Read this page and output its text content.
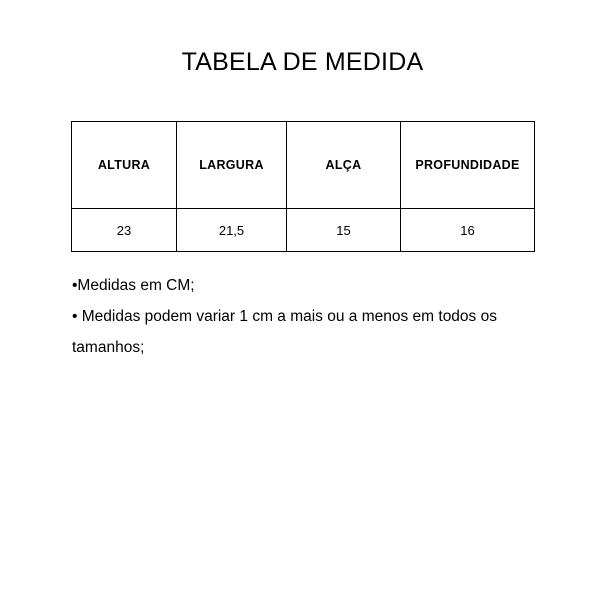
TABELA DE MEDIDA
ALTURA	LARGURA	ALÇA	PROFUNDIDADE
23	21,5	15	16

•Medidas em CM;

• Medidas podem variar 1 cm a mais ou a menos em todos os tamanhos;
